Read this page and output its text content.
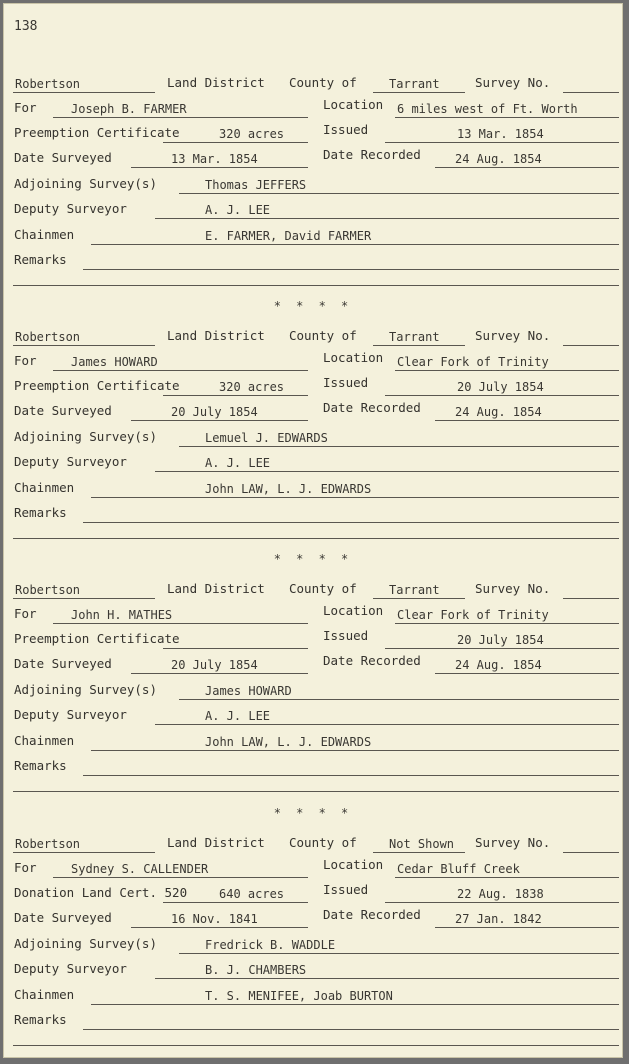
138
Robertson	Land District County of	Tarrant	Survey No.
For	Joseph B. FARMER	Location 6 miles west of Ft. Worth
Preemption Certificate	320 acres	Issued	13 Mar. 1854
Date Surveyed	13 Mar. 1854	Date Recorded	24 Aug. 1854
Adjoining Survey(s)	Thomas JEFFERS
Deputy Surveyor	A. J. LEE
Chainmen	E. FARMER, David FARMER
Remarks
Robertson	Land District County of	Tarrant	Survey No.
For	James HOWARD	Location Clear Fork of Trinity
Preemption Certificate	320 acres	Issued	20 July 1854
Date Surveyed	20 July 1854	Date Recorded	24 Aug. 1854
Adjoining Survey(s)	Lemuel J. EDWARDS
Deputy Surveyor	A. J. LEE
Chainmen	John LAW, L. J. EDWARDS
Remarks
Robertson	Land District County of	Tarrant	Survey No.
For	John H. MATHES	Location Clear Fork of Trinity
Preemption Certificate	Issued	20 July 1854
Date Surveyed	20 July 1854	Date Recorded	24 Aug. 1854
Adjoining Survey(s)	James HOWARD
Deputy Surveyor	A. J. LEE
Chainmen	John LAW, L. J. EDWARDS
Remarks
Robertson	Land District County of	Not Shown Survey No.
For	Sydney S. CALLENDER	Location Cedar Bluff Creek
Donation Land Cert. 520	640 acres	Issued	22 Aug. 1838
Date Surveyed	16 Nov. 1841	Date Recorded	27 Jan. 1842
Adjoining Survey(s)	Fredrick B. WADDLE
Deputy Surveyor	B. J. CHAMBERS
Chainmen	T. S. MENIFEE, Joab BURTON
Remarks
* * * *
* * * *
* * * *
